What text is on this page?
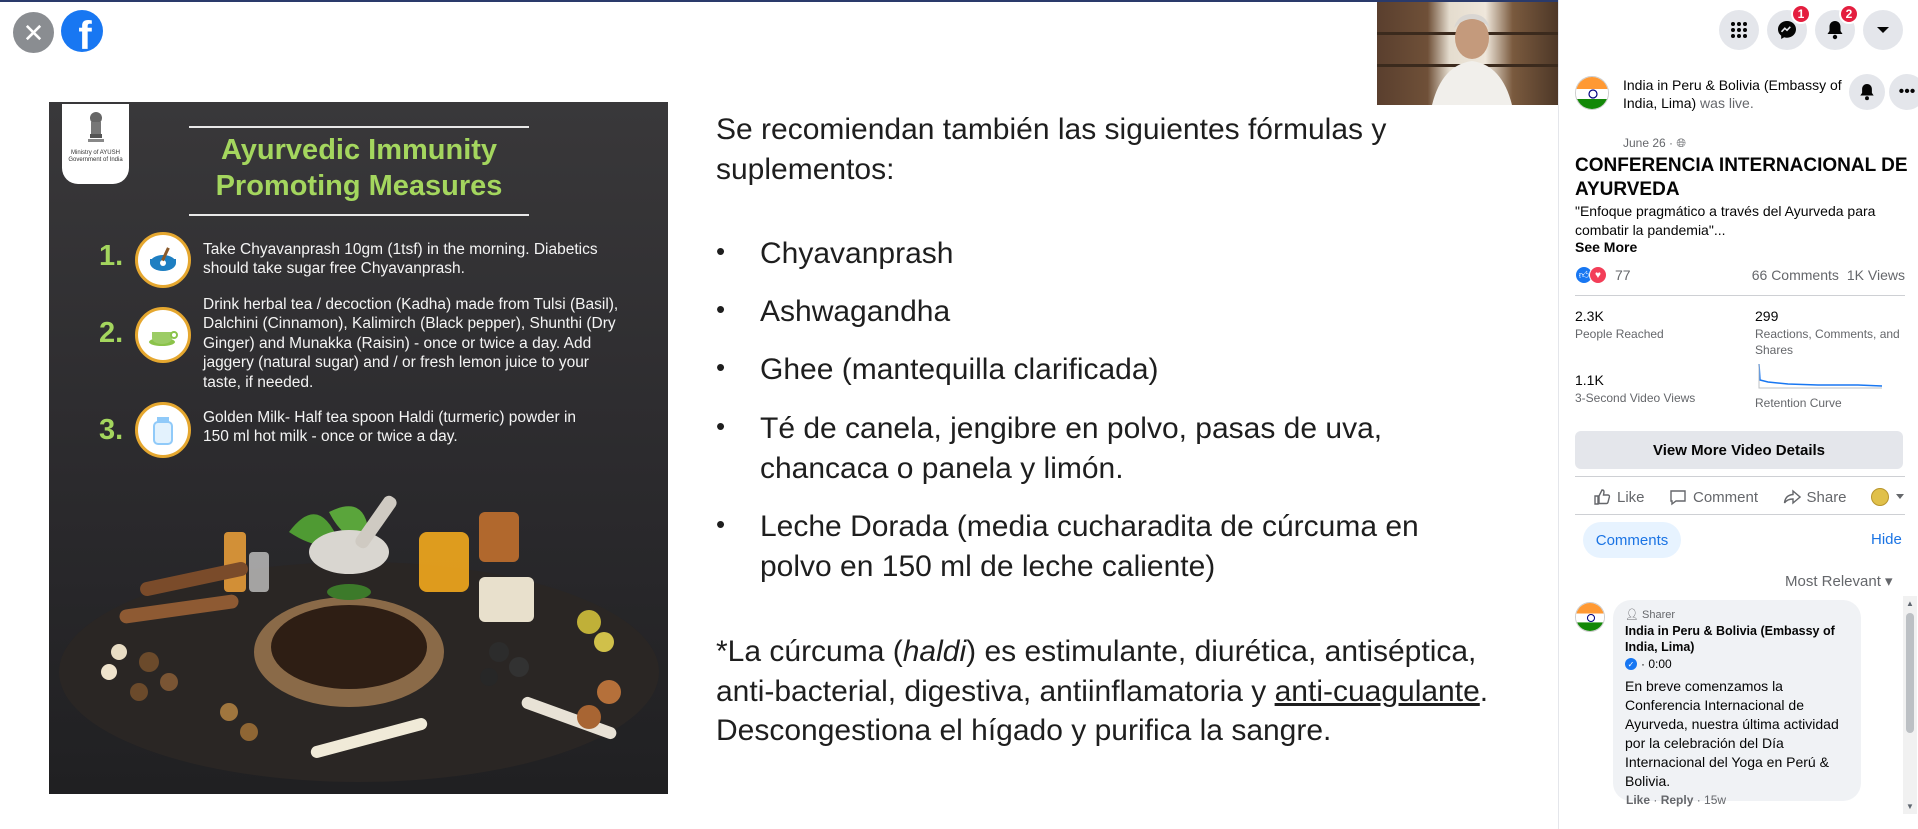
✕ f
Ministry of AYUSH Government of India	Ayurvedic Immunity
Promoting Measures
1.	Take Chyavanprash 10gm (1tsf) in the morning. Diabetics should take sugar free Chyavanprash.
2.
Drink herbal tea / decoction (Kadha) made from Tulsi (Basil), Dalchini (Cinnamon), Kalimirch (Black pepper), Shunthi (Dry Ginger) and Munakka (Raisin) - once or twice a day. Add jaggery (natural sugar) and / or fresh lemon juice to your taste, if needed.
3.	Golden Milk- Half tea spoon Haldi (turmeric) powder in 150 ml hot milk - once or twice a day.
Se recomiendan también las siguientes fórmulas y suplementos:
• Chyavanprash
• Ashwagandha
• Ghee (mantequilla clarificada)
• Té de canela, jengibre en polvo, pasas de uva, chancaca o panela y limón.
• Leche Dorada (media cucharadita de cúrcuma en polvo en 150 ml de leche caliente)
*La cúrcuma (haldi) es estimulante, diurética, antiséptica, anti-bacterial, digestiva, antiinflamatoria y anti-cuagulante. Descongestiona el hígado y purifica la sangre.
1	2
India in Peru & Bolivia (Embassy of India, Lima) was live.
June 26 · 🌐︎
•••
CONFERENCIA INTERNACIONAL DE AYURVEDA
"Enfoque pragmático a través del Ayurveda para combatir la pandemia"...
See More
👍︎ ♥	77	66 Comments 1K Views
2.3K
People Reached
299
Reactions, Comments, and Shares
1.1K
3-Second Video Views	Retention Curve
View More Video Details
Like	Comment	Share
Comments	Hide
Most Relevant ▾
👤︎ Sharer
India in Peru & Bolivia (Embassy of India, Lima)
✓ · 0:00
En breve comenzamos la Conferencia Internacional de Ayurveda, nuestra última actividad por la celebración del Día Internacional del Yoga en Perú & Bolivia.
Like · Reply · 15w
▲
▼
